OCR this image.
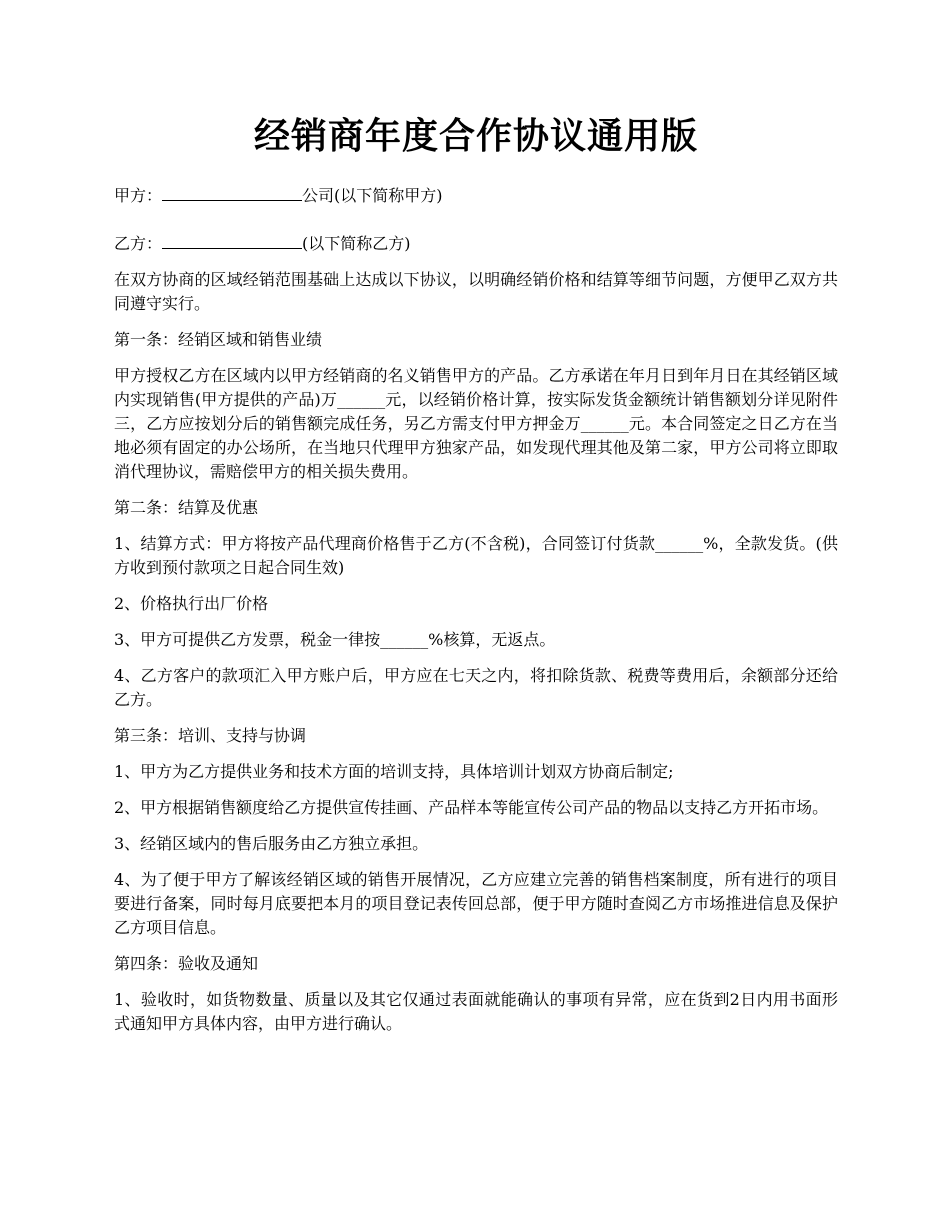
经销商年度合作协议通用版

甲方：	公司(以下简称甲方)

乙方：	(以下简称乙方)

在双方协商的区域经销范围基础上达成以下协议，以明确经销价格和结算等细节问题，方便甲乙双方共同遵守实行。

第一条：经销区域和销售业绩

甲方授权乙方在区域内以甲方经销商的名义销售甲方的产品。乙方承诺在年月日到年月日在其经销区域内实现销售(甲方提供的产品)万______元，以经销价格计算，按实际发货金额统计销售额划分详见附件三，乙方应按划分后的销售额完成任务，另乙方需支付甲方押金万______元。本合同签定之日乙方在当地必须有固定的办公场所，在当地只代理甲方独家产品，如发现代理其他及第二家，甲方公司将立即取消代理协议，需赔偿甲方的相关损失费用。

第二条：结算及优惠

1、结算方式：甲方将按产品代理商价格售于乙方(不含税)，合同签订付货款______%，全款发货。(供方收到预付款项之日起合同生效)

2、价格执行出厂价格

3、甲方可提供乙方发票，税金一律按______%核算，无返点。

4、乙方客户的款项汇入甲方账户后，甲方应在七天之内，将扣除货款、税费等费用后，余额部分还给乙方。

第三条：培训、支持与协调

1、甲方为乙方提供业务和技术方面的培训支持，具体培训计划双方协商后制定;

2、甲方根据销售额度给乙方提供宣传挂画、产品样本等能宣传公司产品的物品以支持乙方开拓市场。

3、经销区域内的售后服务由乙方独立承担。

4、为了便于甲方了解该经销区域的销售开展情况，乙方应建立完善的销售档案制度，所有进行的项目要进行备案，同时每月底要把本月的项目登记表传回总部，便于甲方随时查阅乙方市场推进信息及保护乙方项目信息。

第四条：验收及通知

1、验收时，如货物数量、质量以及其它仅通过表面就能确认的事项有异常，应在货到2日内用书面形式通知甲方具体内容，由甲方进行确认。
